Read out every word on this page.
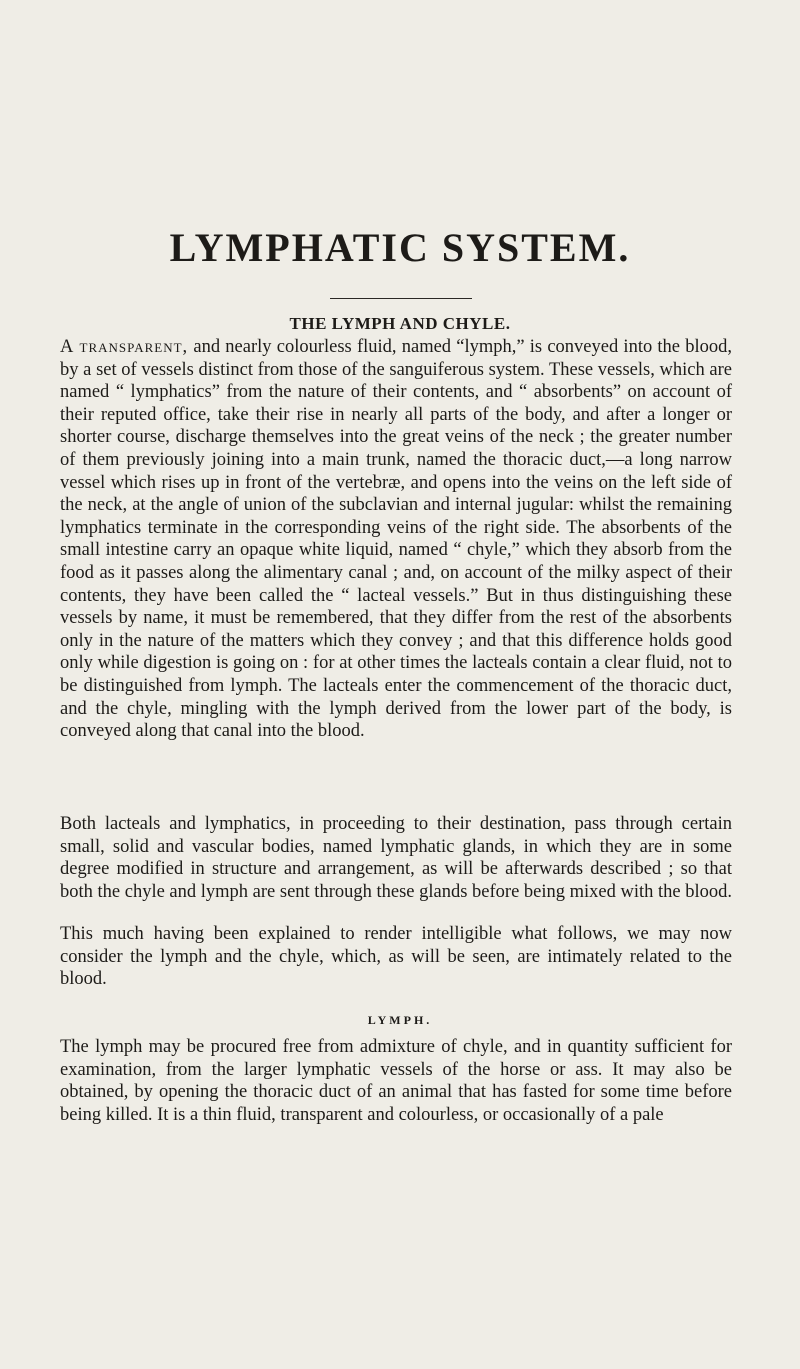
LYMPHATIC SYSTEM.
THE LYMPH AND CHYLE.

A transparent, and nearly colourless fluid, named “lymph,” is conveyed into the blood, by a set of vessels distinct from those of the sanguiferous system. These vessels, which are named “ lymphatics” from the nature of their contents, and “ absorbents” on account of their reputed office, take their rise in nearly all parts of the body, and after a longer or shorter course, discharge themselves into the great veins of the neck ; the greater number of them previously joining into a main trunk, named the thoracic duct,—a long narrow vessel which rises up in front of the vertebræ, and opens into the veins on the left side of the neck, at the angle of union of the subclavian and internal jugular: whilst the remaining lymphatics terminate in the corresponding veins of the right side. The absorbents of the small intestine carry an opaque white liquid, named “ chyle,” which they absorb from the food as it passes along the alimentary canal ; and, on account of the milky aspect of their contents, they have been called the “ lacteal vessels.” But in thus distinguishing these vessels by name, it must be remembered, that they differ from the rest of the absorbents only in the nature of the matters which they convey ; and that this difference holds good only while digestion is going on : for at other times the lacteals contain a clear fluid, not to be distinguished from lymph. The lacteals enter the commencement of the thoracic duct, and the chyle, mingling with the lymph derived from the lower part of the body, is conveyed along that canal into the blood.

Both lacteals and lymphatics, in proceeding to their destination, pass through certain small, solid and vascular bodies, named lymphatic glands, in which they are in some degree modified in structure and arrangement, as will be afterwards described ; so that both the chyle and lymph are sent through these glands before being mixed with the blood.

This much having been explained to render intelligible what follows, we may now consider the lymph and the chyle, which, as will be seen, are intimately related to the blood.

LYMPH.

The lymph may be procured free from admixture of chyle, and in quantity sufficient for examination, from the larger lymphatic vessels of the horse or ass. It may also be obtained, by opening the thoracic duct of an animal that has fasted for some time before being killed. It is a thin fluid, transparent and colourless, or occasionally of a pale
